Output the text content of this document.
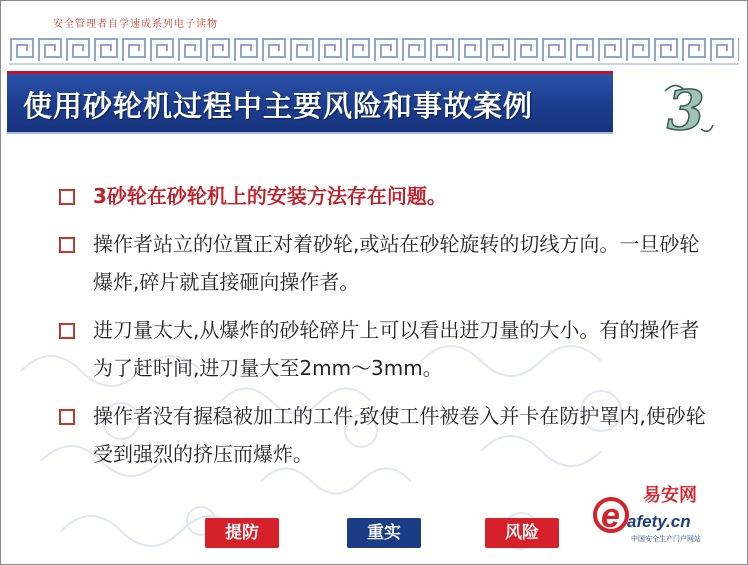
安全管理者自学速成系列电子读物
使用砂轮机过程中主要风险和事故案例 3
3砂轮在砂轮机上的安装方法存在问题。
操作者站立的位置正对着砂轮,或站在砂轮旋转的切线方向。一旦砂轮爆炸,碎片就直接砸向操作者。
进刀量太大,从爆炸的砂轮碎片上可以看出进刀量的大小。有的操作者为了赶时间,进刀量大至2mm～3mm。
操作者没有握稳被加工的工件,致使工件被卷入并卡在防护罩内,使砂轮受到强烈的挤压而爆炸。
提防	重实	风险	e
易安网
afety.cn
中国安全生产门户网站
